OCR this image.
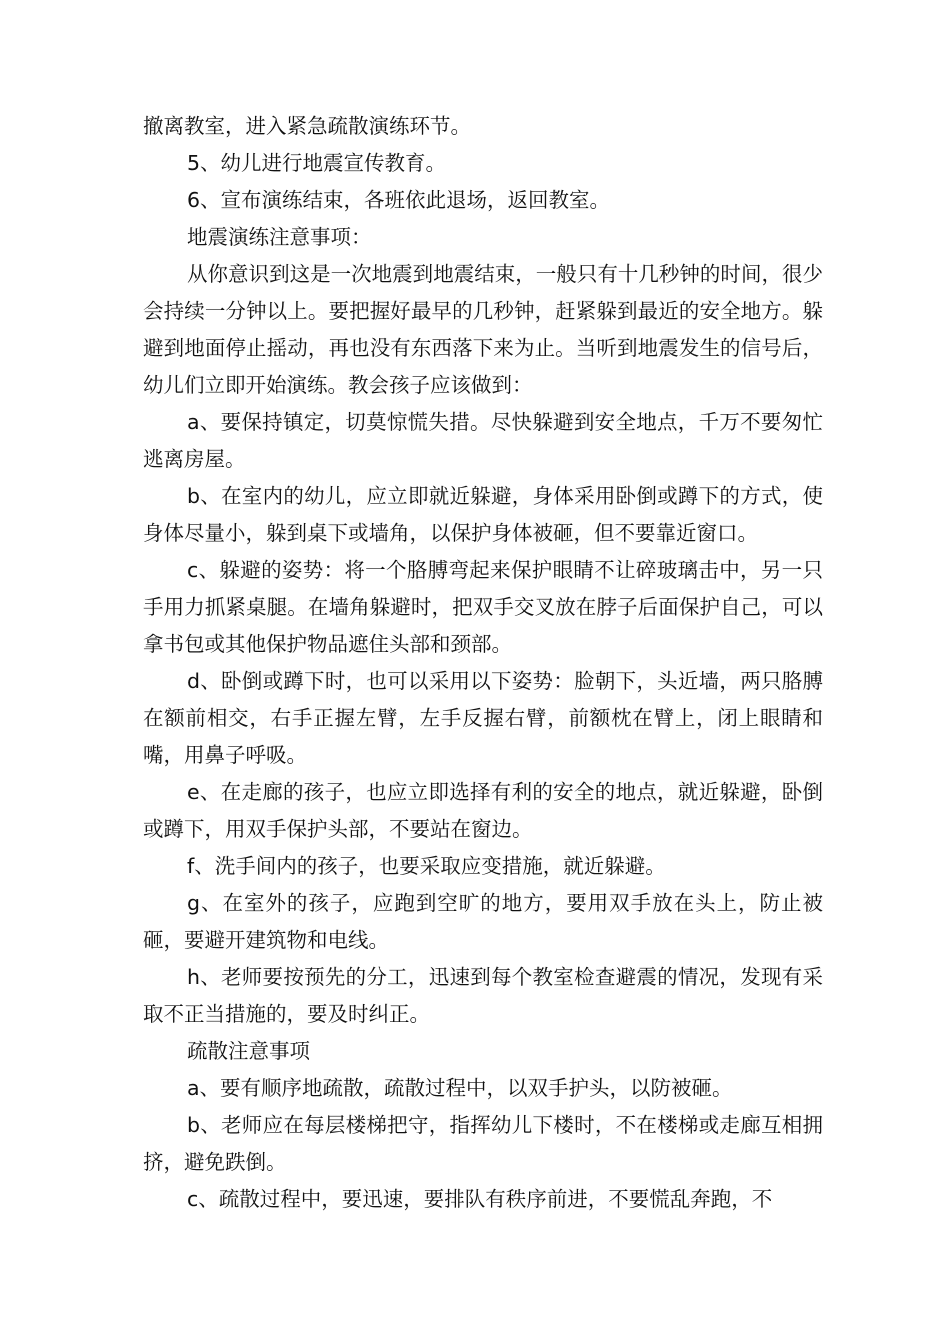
撤离教室，进入紧急疏散演练环节。

5、幼儿进行地震宣传教育。

6、宣布演练结束，各班依此退场，返回教室。

地震演练注意事项：

从你意识到这是一次地震到地震结束，一般只有十几秒钟的时间，很少会持续一分钟以上。要把握好最早的几秒钟，赶紧躲到最近的安全地方。躲避到地面停止摇动，再也没有东西落下来为止。当听到地震发生的信号后，幼儿们立即开始演练。教会孩子应该做到：

a、要保持镇定，切莫惊慌失措。尽快躲避到安全地点，千万不要匆忙逃离房屋。

b、在室内的幼儿，应立即就近躲避，身体采用卧倒或蹲下的方式，使身体尽量小，躲到桌下或墙角，以保护身体被砸，但不要靠近窗口。

c、躲避的姿势：将一个胳膊弯起来保护眼睛不让碎玻璃击中，另一只手用力抓紧桌腿。在墙角躲避时，把双手交叉放在脖子后面保护自己，可以拿书包或其他保护物品遮住头部和颈部。

d、卧倒或蹲下时，也可以采用以下姿势：脸朝下，头近墙，两只胳膊在额前相交，右手正握左臂，左手反握右臂，前额枕在臂上，闭上眼睛和嘴，用鼻子呼吸。

e、在走廊的孩子，也应立即选择有利的安全的地点，就近躲避，卧倒或蹲下，用双手保护头部，不要站在窗边。

f、洗手间内的孩子，也要采取应变措施，就近躲避。

g、在室外的孩子，应跑到空旷的地方，要用双手放在头上，防止被砸，要避开建筑物和电线。

h、老师要按预先的分工，迅速到每个教室检查避震的情况，发现有采取不正当措施的，要及时纠正。

疏散注意事项

a、要有顺序地疏散，疏散过程中，以双手护头，以防被砸。

b、老师应在每层楼梯把守，指挥幼儿下楼时，不在楼梯或走廊互相拥挤，避免跌倒。

c、疏散过程中，要迅速，要排队有秩序前进，不要慌乱奔跑，不
